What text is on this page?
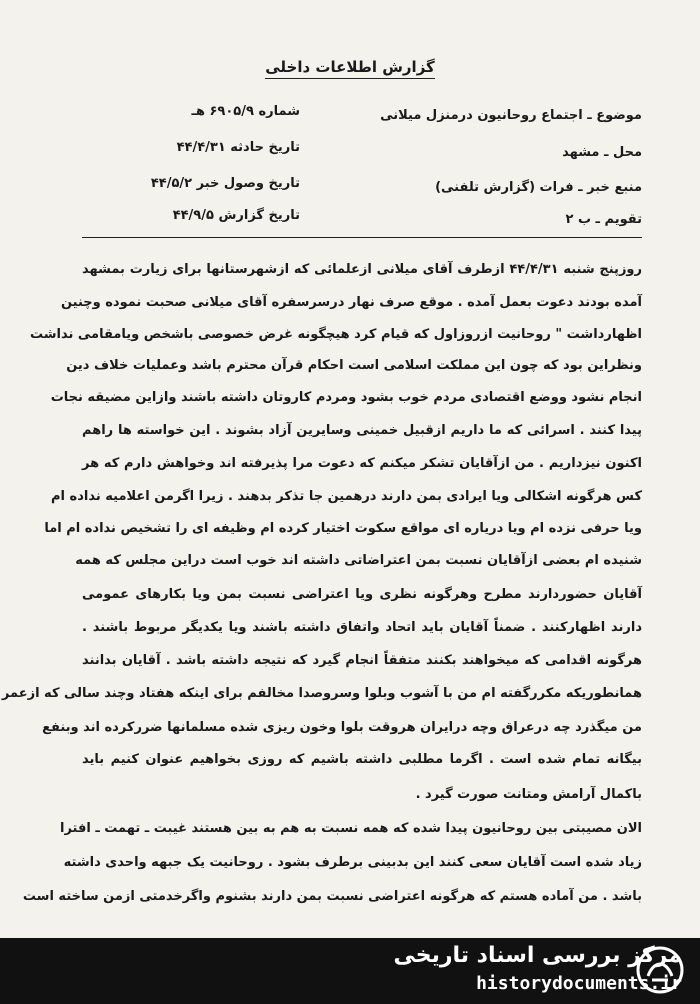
گزارش اطلاعات داخلی
موضوع ـ اجتماع روحانیون درمنزل میلانی
محل ـ مشهد
منبع خبر ـ فرات (گزارش تلفنی)
تقویم ـ ب ۲
شماره ۶۹۰۵/۹ هـ
تاریخ حادثه ۴۴/۴/۳۱
تاریخ وصول خبر ۴۴/۵/۲
تاریخ گزارش ۴۴/۹/۵
روزپنج شنبه ۴۴/۴/۳۱ ازطرف آقای میلانی ازعلمائی که ازشهرستانها برای زیارت بمشهد
آمده بودند دعوت بعمل آمده . موقع صرف نهار درسرسفره آقای میلانی صحبت نموده وچنین
اظهارداشت " روحانیت ازروزاول که قیام کرد هیچگونه غرض خصوصی باشخص ویامقامی نداشت
ونظراین بود که چون این مملکت اسلامی است احکام قرآن محترم باشد وعملیات خلاف دین
انجام نشود ووضع اقتصادی مردم خوب بشود ومردم کاروتان داشته باشند وازاین مضیقه نجات
پیدا کنند . اسرائی که ما داریم ازقبیل خمینی وسایرین آزاد بشوند . این خواسته ها راهم
اکنون نیزداریم . من ازآقایان تشکر میکنم که دعوت مرا پذیرفته اند وخواهش دارم که هر
کس هرگونه اشکالی ویا ایرادی بمن دارند درهمین جا تذکر بدهند . زیرا اگرمن اعلامیه نداده ام
ویا حرفی نزده ام ویا دریاره ای مواقع سکوت اختیار کرده ام وظیفه ای را تشخیص نداده ام اما
شنیده ام بعضی ازآقایان نسبت بمن اعتراضاتی داشته اند خوب است دراین مجلس که همه
آقایان حضوردارند مطرح وهرگونه نظری ویا اعتراضی نسبت بمن ویا بکارهای عمومی
دارند اظهارکنند . ضمناً آقایان باید اتحاد واتفاق داشته باشند ویا یکدیگر مربوط باشند .
هرگونه اقدامی که میخواهند بکنند متفقاً انجام گیرد که نتیجه داشته باشد . آقایان بدانند
همانطوریکه مکررگفته ام من با آشوب وبلوا وسروصدا مخالفم برای اینکه هفتاد وچند سالی که ازعمر
من میگذرد چه درعراق وچه درایران هروقت بلوا وخون ریزی شده مسلمانها ضررکرده اند وبنفع
بیگانه تمام شده است . اگرما مطلبی داشته باشیم که روزی بخواهیم عنوان کنیم باید
باکمال آرامش ومتانت صورت گیرد .
الان مصیبتی بین روحانیون پیدا شده که همه نسبت به هم به بین هستند غیبت ـ تهمت ـ افترا
زیاد شده است آقایان سعی کنند این بدبینی برطرف بشود . روحانیت یک جبهه واحدی داشته
باشد . من آماده هستم که هرگونه اعتراضی نسبت بمن دارند بشنوم واگرخدمتی ازمن ساخته است
مرکز بررسی اسناد تاریخی
historydocuments.ir
